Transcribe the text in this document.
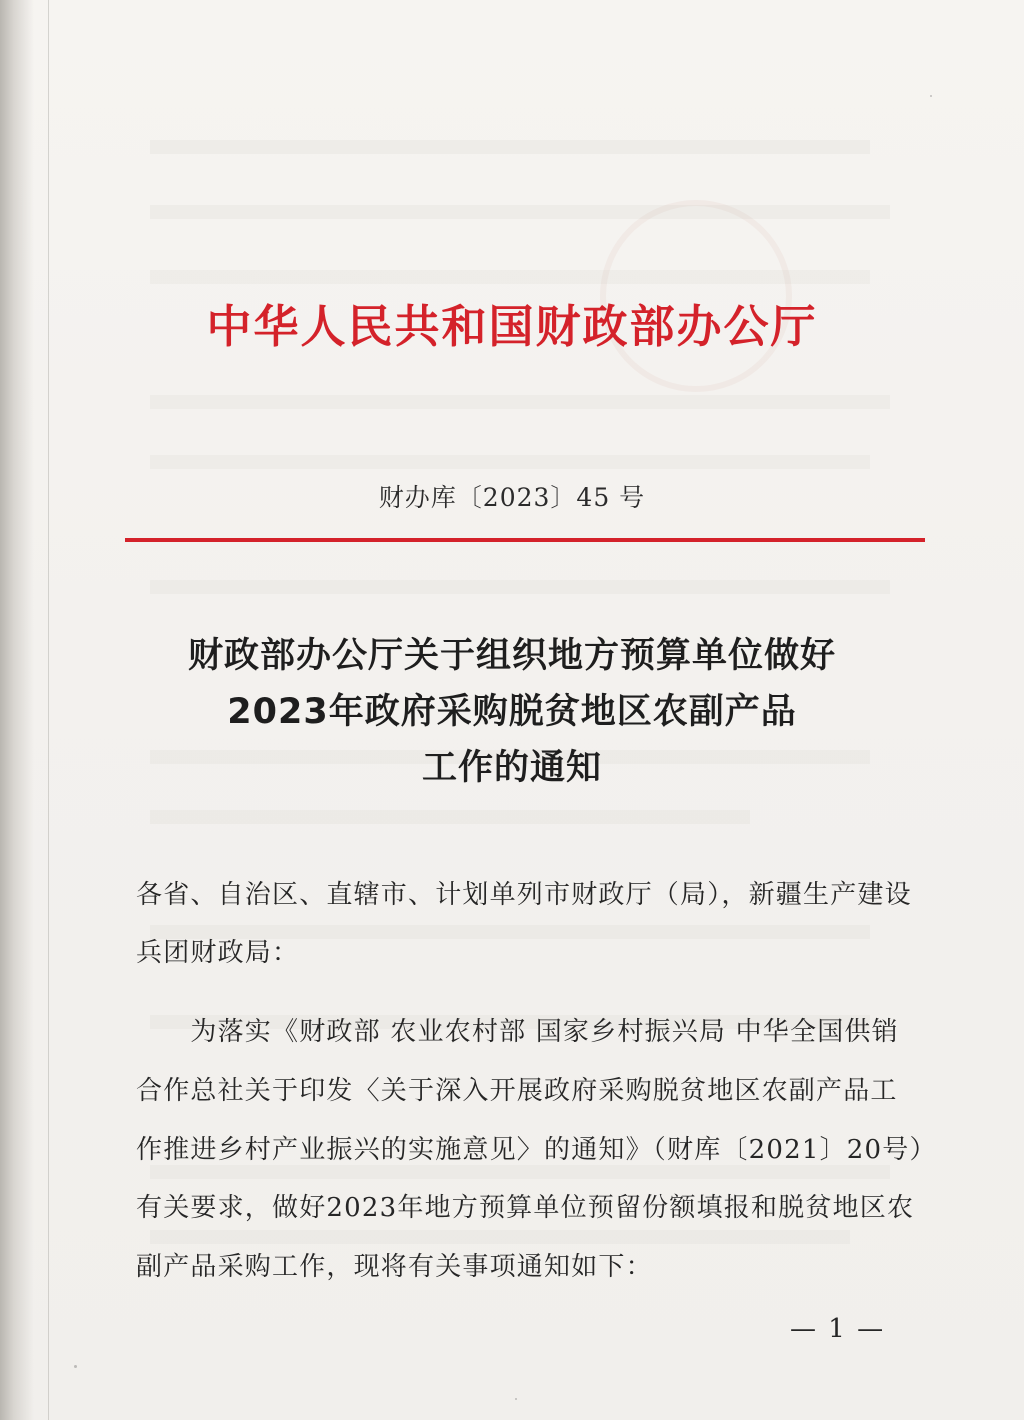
中华人民共和国财政部办公厅
财办库〔2023〕45 号
财政部办公厅关于组织地方预算单位做好
2023年政府采购脱贫地区农副产品
工作的通知
各省、自治区、直辖市、计划单列市财政厅（局），新疆生产建设
兵团财政局：
　　为落实《财政部 农业农村部 国家乡村振兴局 中华全国供销
合作总社关于印发〈关于深入开展政府采购脱贫地区农副产品工
作推进乡村产业振兴的实施意见〉的通知》（财库〔2021〕20号）
有关要求，做好2023年地方预算单位预留份额填报和脱贫地区农
副产品采购工作，现将有关事项通知如下：
— 1 —
